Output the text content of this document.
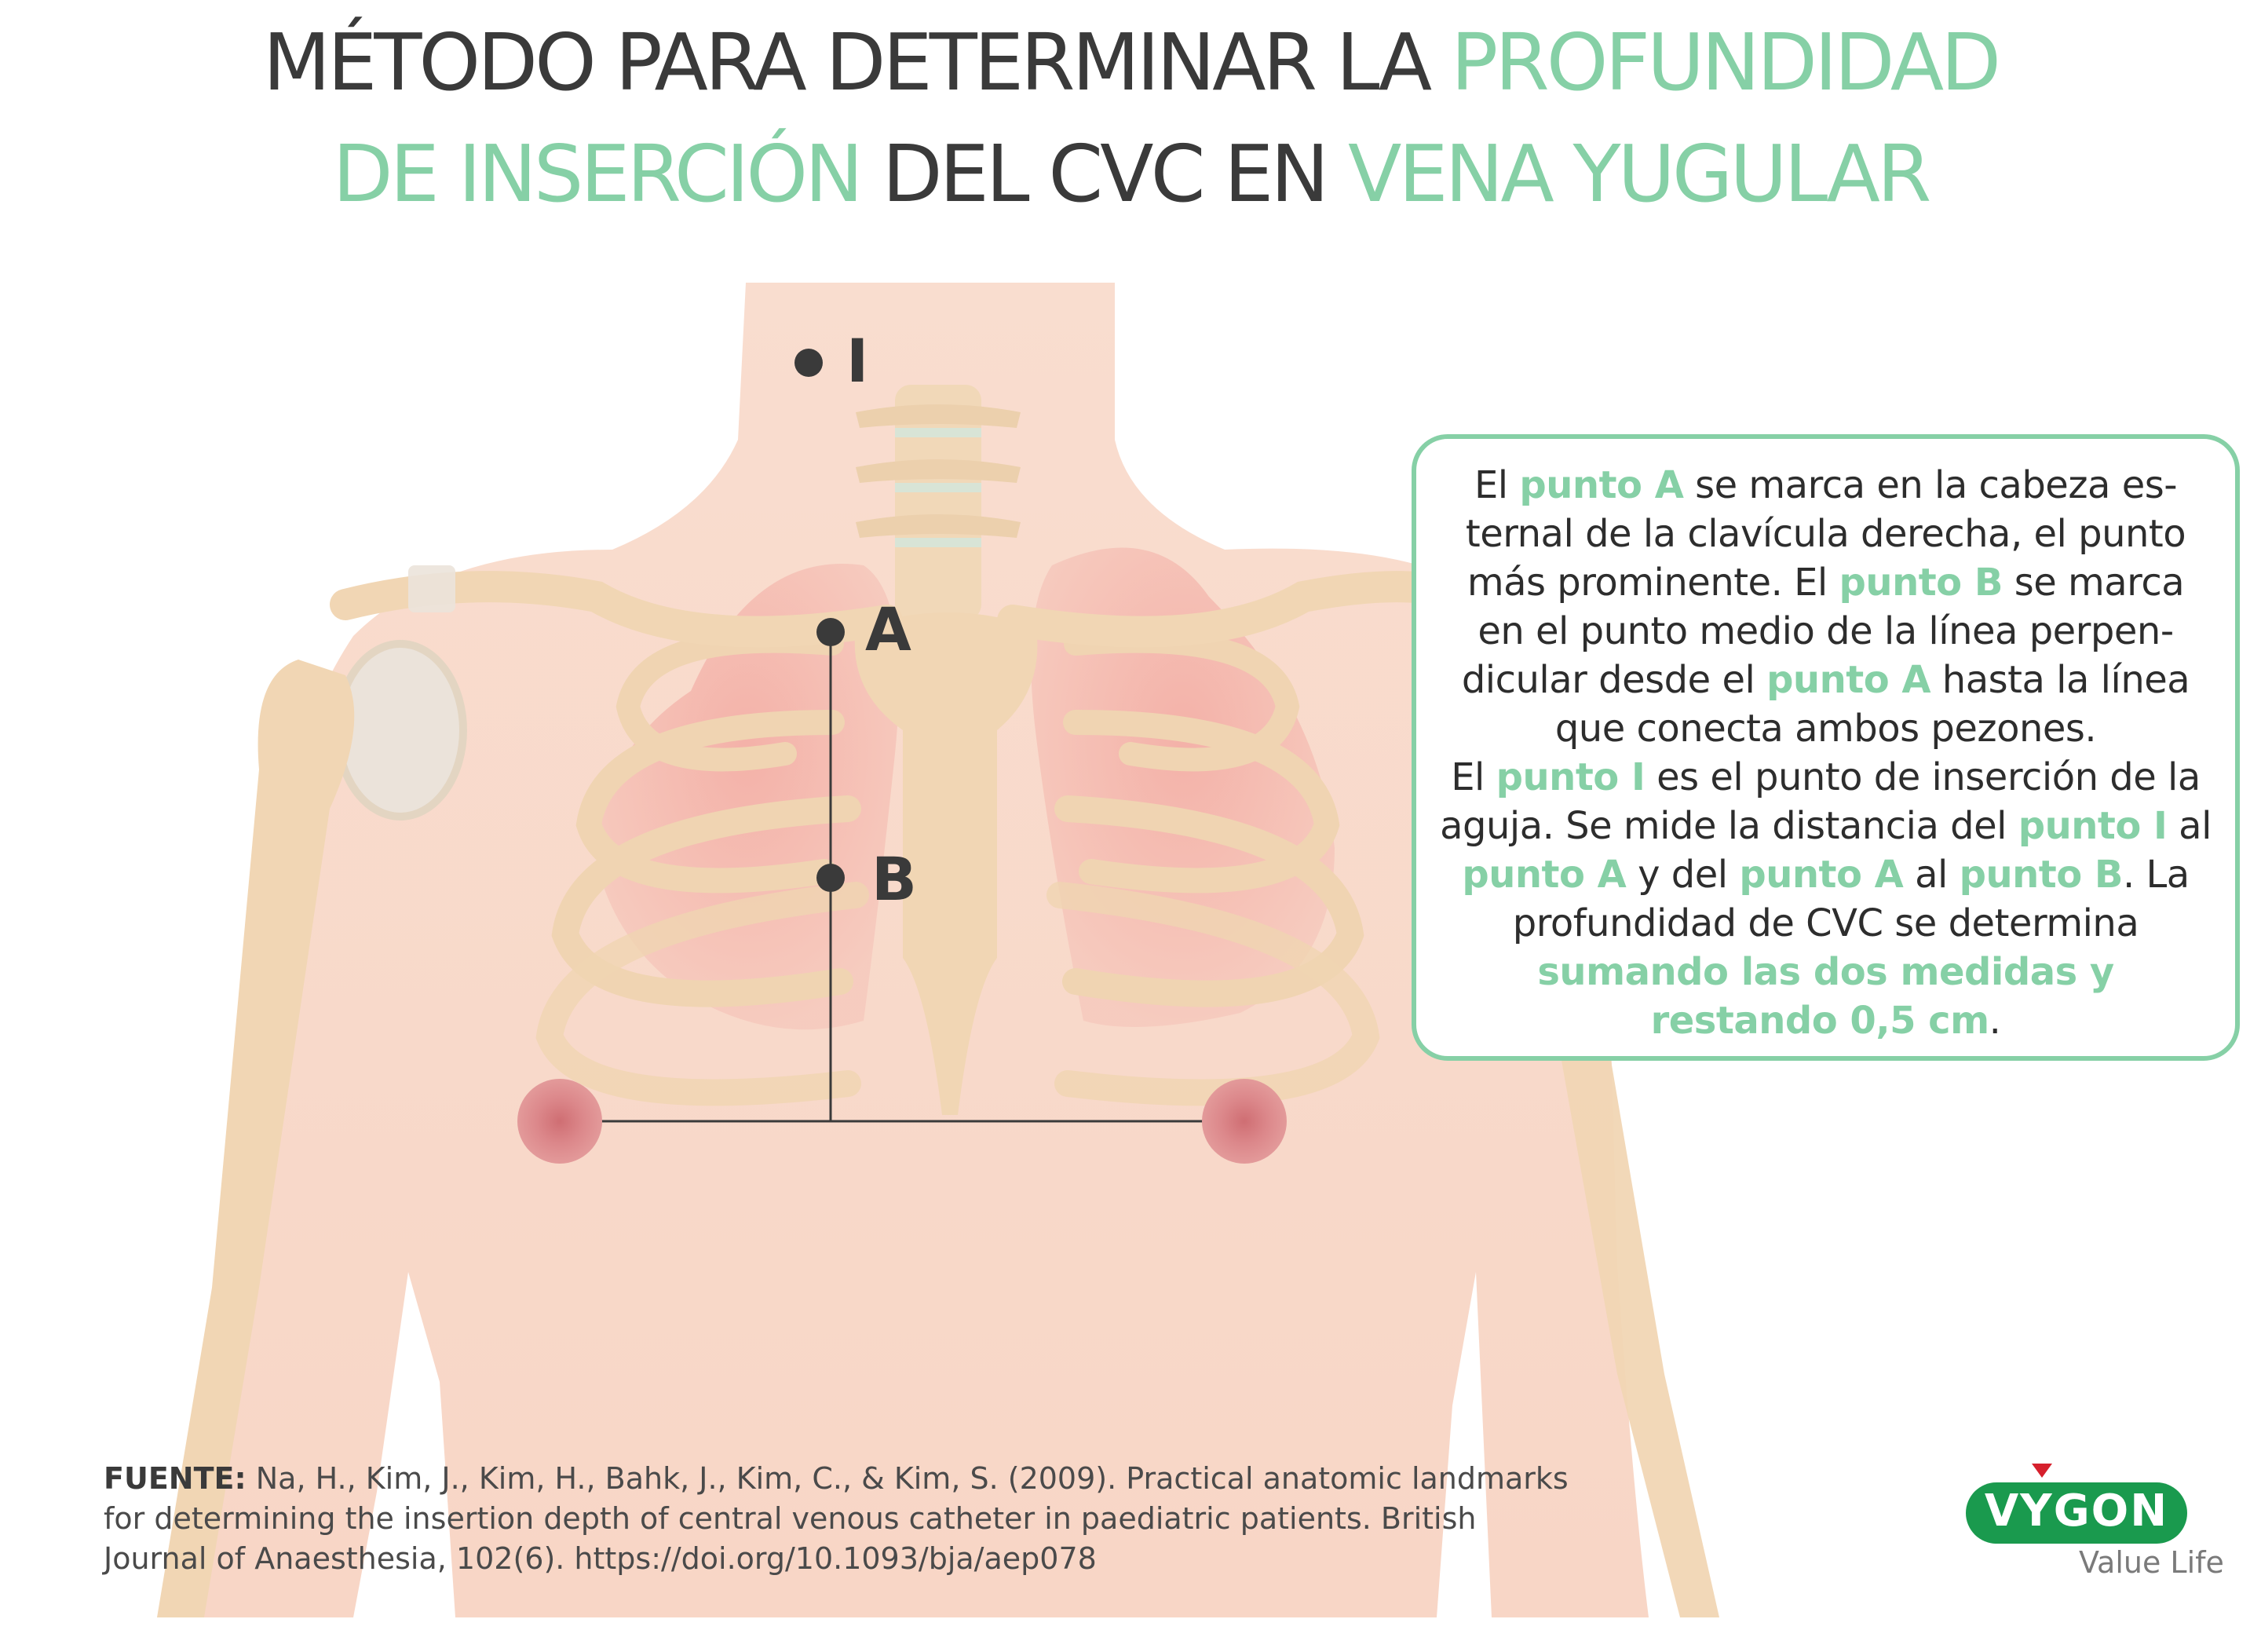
MÉTODO PARA DETERMINAR LA PROFUNDIDAD
DE INSERCIÓN DEL CVC EN VENA YUGULAR
I
A
B
El punto A se marca en la cabeza es-ternal de la clavícula derecha, el punto más prominente. El punto B se marca en el punto medio de la línea perpen-dicular desde el punto A hasta la línea que conecta ambos pezones.
El punto I es el punto de inserción de la aguja. Se mide la distancia del punto I al punto A y del punto A al punto B. La profundidad de CVC se determina sumando las dos medidas y restando 0,5 cm.
FUENTE: Na, H., Kim, J., Kim, H., Bahk, J., Kim, C., & Kim, S. (2009). Practical anatomic landmarks for determining the insertion depth of central venous catheter in paediatric patients. British Journal of Anaesthesia, 102(6). https://doi.org/10.1093/bja/aep078
VYGON
Value Life
